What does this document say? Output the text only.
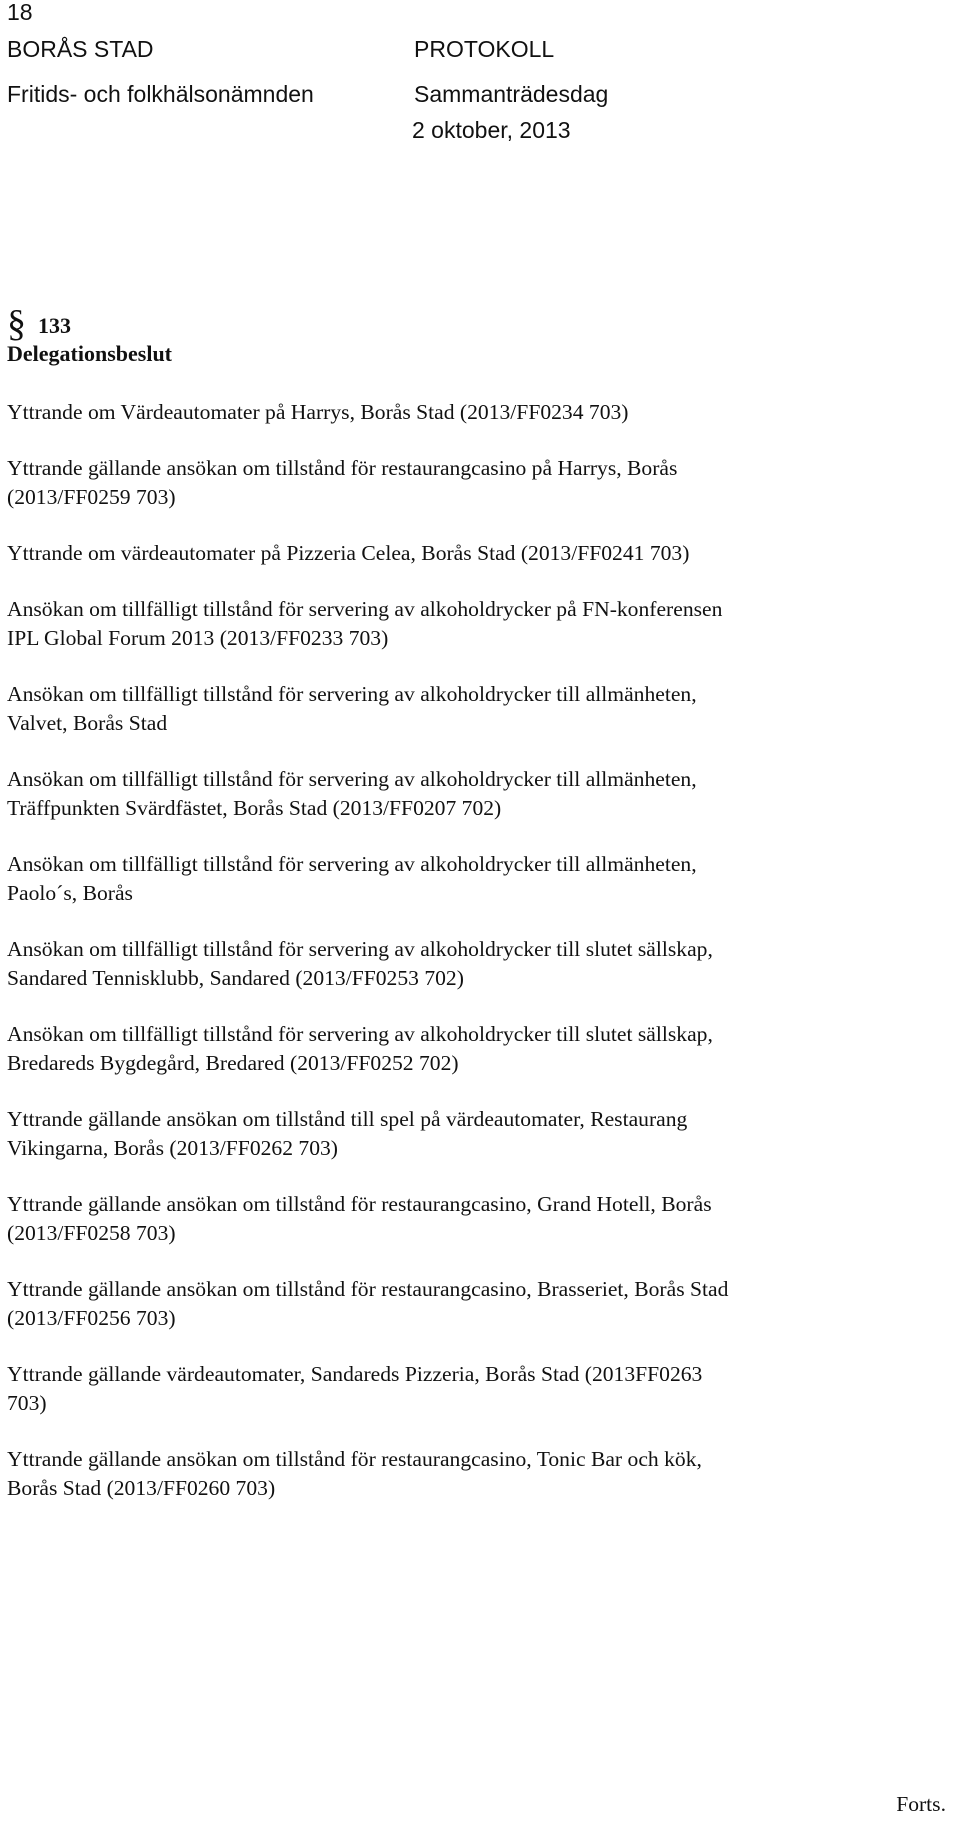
18
BORÅS STAD
Fritids- och folkhälsonämnden
PROTOKOLL
Sammanträdesdag
2 oktober, 2013
§ 133
Delegationsbeslut
Yttrande om Värdeautomater på Harrys, Borås Stad (2013/FF0234 703)
Yttrande gällande ansökan om tillstånd för restaurangcasino på Harrys, Borås
(2013/FF0259 703)
Yttrande om värdeautomater på Pizzeria Celea, Borås Stad (2013/FF0241 703)
Ansökan om tillfälligt tillstånd för servering av alkoholdrycker på FN-konferensen
IPL Global Forum 2013 (2013/FF0233 703)
Ansökan om tillfälligt tillstånd för servering av alkoholdrycker till allmänheten,
Valvet, Borås Stad
Ansökan om tillfälligt tillstånd för servering av alkoholdrycker till allmänheten,
Träffpunkten Svärdfästet, Borås Stad (2013/FF0207 702)
Ansökan om tillfälligt tillstånd för servering av alkoholdrycker till allmänheten,
Paolo´s, Borås
Ansökan om tillfälligt tillstånd för servering av alkoholdrycker till slutet sällskap,
Sandared Tennisklubb, Sandared (2013/FF0253 702)
Ansökan om tillfälligt tillstånd för servering av alkoholdrycker till slutet sällskap,
Bredareds Bygdegård, Bredared (2013/FF0252 702)
Yttrande gällande ansökan om tillstånd till spel på värdeautomater, Restaurang
Vikingarna, Borås (2013/FF0262 703)
Yttrande gällande ansökan om tillstånd för restaurangcasino, Grand Hotell, Borås
(2013/FF0258 703)
Yttrande gällande ansökan om tillstånd för restaurangcasino, Brasseriet, Borås Stad
(2013/FF0256 703)
Yttrande gällande värdeautomater, Sandareds Pizzeria, Borås Stad (2013FF0263
703)
Yttrande gällande ansökan om tillstånd för restaurangcasino, Tonic Bar och kök,
Borås Stad (2013/FF0260 703)
Forts.
